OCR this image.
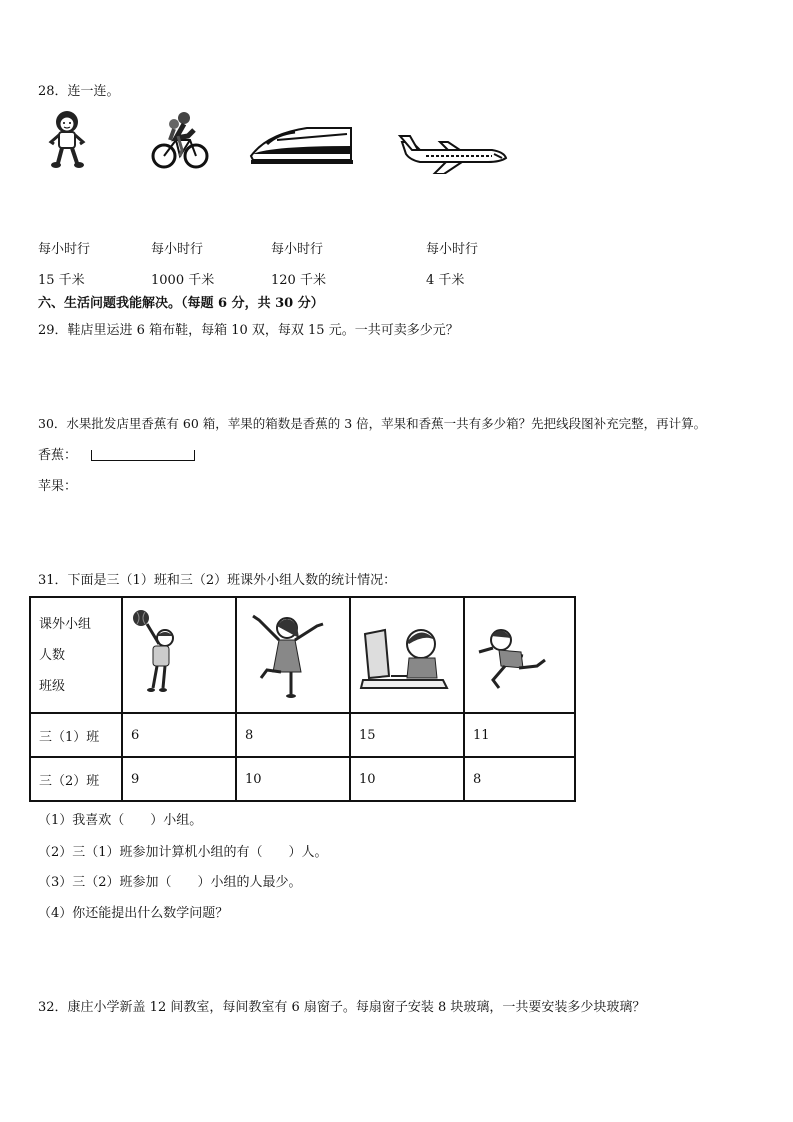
28．连一连。
每小时行	每小时行	每小时行	每小时行
15 千米	1000 千米	120 千米	4 千米
六、生活问题我能解决。（每题 6 分，共 30 分）
29．鞋店里运进 6 箱布鞋，每箱 10 双，每双 15 元。一共可卖多少元？
30．水果批发店里香蕉有 60 箱，苹果的箱数是香蕉的 3 倍，苹果和香蕉一共有多少箱？先把线段图补充完整，再计算。
香蕉：
苹果：
31．下面是三（1）班和三（2）班课外小组人数的统计情况：
课外小组
人数
班级

三（1）班	6	8	15	11
三（2）班	9	10	10	8
（1）我喜欢（　　）小组。
（2）三（1）班参加计算机小组的有（　　）人。
（3）三（2）班参加（　　）小组的人最少。
（4）你还能提出什么数学问题？
32．康庄小学新盖 12 间教室，每间教室有 6 扇窗子。每扇窗子安装 8 块玻璃，一共要安装多少块玻璃？
